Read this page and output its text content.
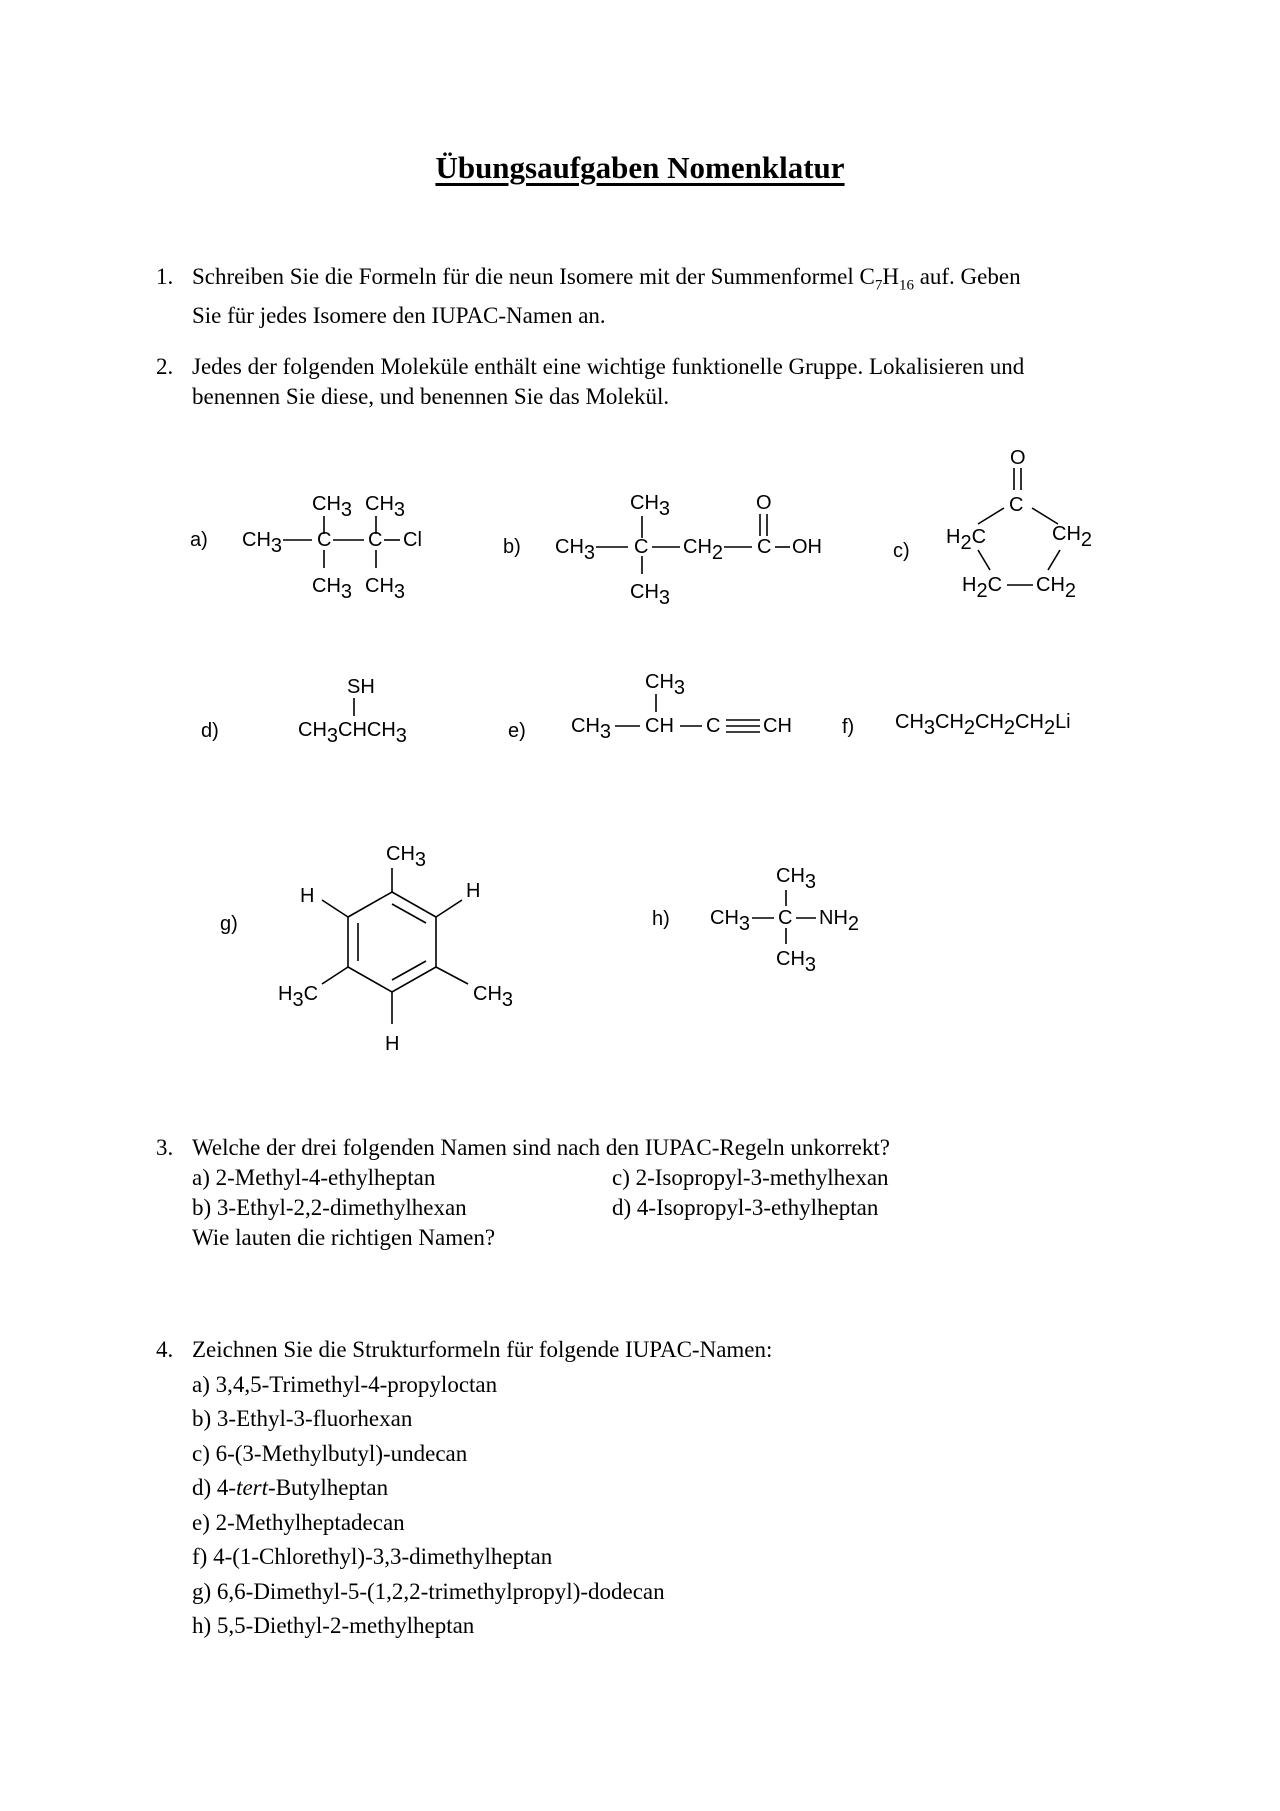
Übungsaufgaben Nomenklatur
1. Schreiben Sie die Formeln für die neun Isomere mit der Summenformel $C_7H_{16}$ auf. Geben
Sie für jedes Isomere den IUPAC-Namen an.
2. Jedes der folgenden Moleküle enthält eine wichtige funktionelle Gruppe. Lokalisieren und
benennen Sie diese, und benennen Sie das Molekül.
a)	b)	c)
d)	e)	f)
g)	h)
CH3 CH3
CH3 C C Cl
CH3 CH3
CH3
CH3 C CH2 C OH
O
CH3
O
C
H2C	CH2
H2C CH2
SH
CH3CHCH3
CH3
CH3 CH C CH	CH3CH2CH2CH2Li
CH3
H
H
H3C	CH3
H
CH3
CH3 C NH2
CH3
3. Welche der drei folgenden Namen sind nach den IUPAC-Regeln unkorrekt?
a) 2-Methyl-4-ethylheptan	c) 2-Isopropyl-3-methylhexan
b) 3-Ethyl-2,2-dimethylhexan	d) 4-Isopropyl-3-ethylheptan
Wie lauten die richtigen Namen?
4. Zeichnen Sie die Strukturformeln für folgende IUPAC-Namen:
a) 3,4,5-Trimethyl-4-propyloctan
b) 3-Ethyl-3-fluorhexan
c) 6-(3-Methylbutyl)-undecan
d) 4-tert-Butylheptan
e) 2-Methylheptadecan
f) 4-(1-Chlorethyl)-3,3-dimethylheptan
g) 6,6-Dimethyl-5-(1,2,2-trimethylpropyl)-dodecan
h) 5,5-Diethyl-2-methylheptan
